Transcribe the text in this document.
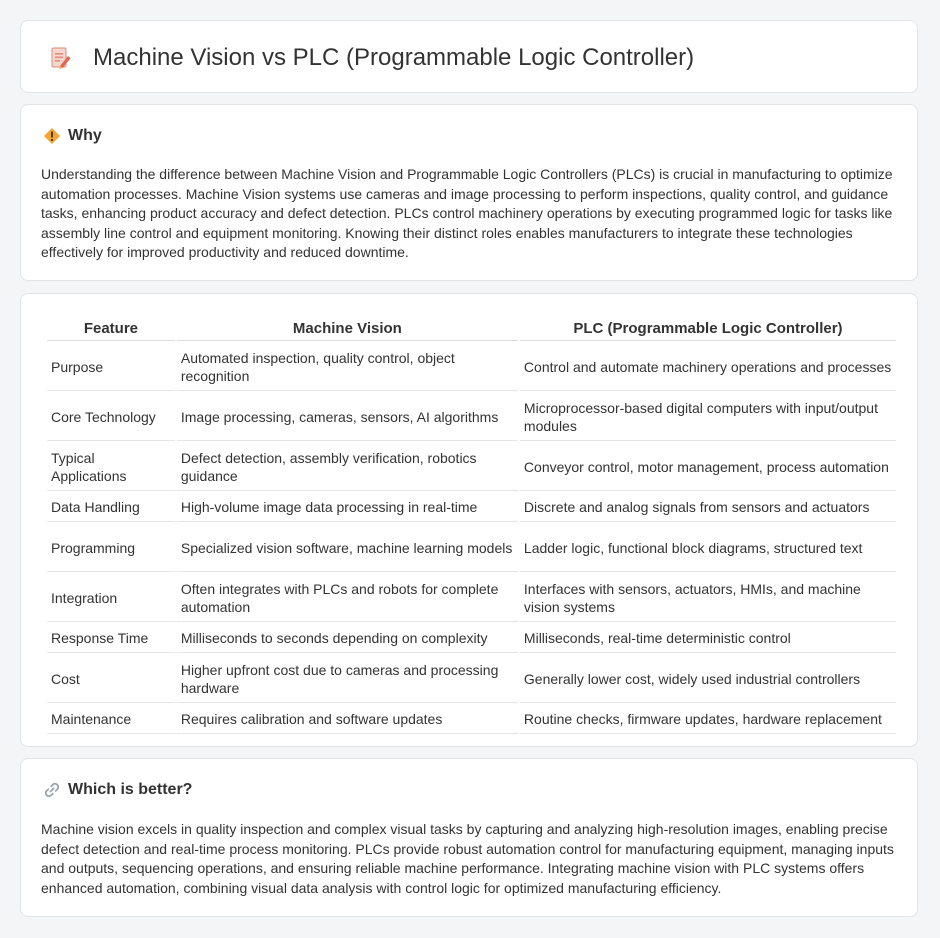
Machine Vision vs PLC (Programmable Logic Controller)
Why

Understanding the difference between Machine Vision and Programmable Logic Controllers (PLCs) is crucial in manufacturing to optimize automation processes. Machine Vision systems use cameras and image processing to perform inspections, quality control, and guidance tasks, enhancing product accuracy and defect detection. PLCs control machinery operations by executing programmed logic for tasks like assembly line control and equipment monitoring. Knowing their distinct roles enables manufacturers to integrate these technologies effectively for improved productivity and reduced downtime.

Feature	Machine Vision	PLC (Programmable Logic Controller)
Purpose	Automated inspection, quality control, object recognition	Control and automate machinery operations and processes
Core Technology	Image processing, cameras, sensors, AI algorithms	Microprocessor-based digital computers with input/output modules
Typical Applications	Defect detection, assembly verification, robotics guidance	Conveyor control, motor management, process automation
Data Handling	High-volume image data processing in real-time	Discrete and analog signals from sensors and actuators
Programming	Specialized vision software, machine learning models	Ladder logic, functional block diagrams, structured text
Integration	Often integrates with PLCs and robots for complete automation	Interfaces with sensors, actuators, HMIs, and machine vision systems
Response Time	Milliseconds to seconds depending on complexity	Milliseconds, real-time deterministic control
Cost	Higher upfront cost due to cameras and processing hardware	Generally lower cost, widely used industrial controllers
Maintenance	Requires calibration and software updates	Routine checks, firmware updates, hardware replacement
Which is better?

Machine vision excels in quality inspection and complex visual tasks by capturing and analyzing high-resolution images, enabling precise defect detection and real-time process monitoring. PLCs provide robust automation control for manufacturing equipment, managing inputs and outputs, sequencing operations, and ensuring reliable machine performance. Integrating machine vision with PLC systems offers enhanced automation, combining visual data analysis with control logic for optimized manufacturing efficiency.
